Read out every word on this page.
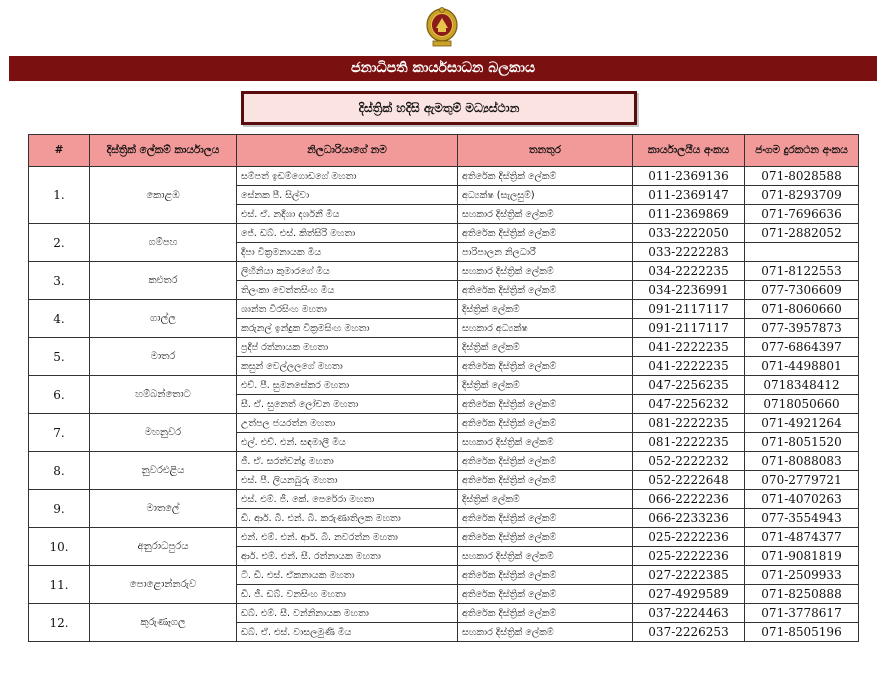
ජනාධිපති කාර්යසාධන බලකාය
දිස්ත්‍රික් හදිසි ඇමතුම් මධ්‍යස්ථාන
#	දිස්ත්‍රික් ලේකම් කාර්යාලය	නිලධාරියාගේ නම	තනතුර	කාර්යාලයීය අංකය	ජංගම දුරකථන අංකය
1.	කොළඹ	සම්පත් ඉඩම්ගොඩගේ මහතා	අතිරේක දිස්ත්‍රික් ලේකම්	011-2369136	071-8028588
		සේනක පී. සිල්වා	අධ්‍යක්ෂ (සැලසුම්)	011-2369147	071-8293709
		එස්. ඒ. නදීශා දර්ශනී මිය	සහකාර දිස්ත්‍රික් ලේකම්	011-2369869	071-7696636
2.	ගම්පහ	ජේ. ඩබ්. එස්. කිත්සිරි මහතා	අතිරේක දිස්ත්‍රික් ලේකම්	033-2222050	071-2882052
		දීපා වික්‍රමනායක මිය	පාරිපාලන නිලධාරී	033-2222283	
3.	කළුතර	ලිහිනියා කුමාරගේ මිය	සහකාර දිස්ත්‍රික් ලේකම්	034-2222235	071-8122553
		තිලංකා වෙත්තසිංහ මිය	අතිරේක දිස්ත්‍රික් ලේකම්	034-2236991	077-7306609
4.	ගාල්ල	ශාන්ත වීරසිංහ මහතා	දිස්ත්‍රික් ලේකම්	091-2117117	071-8060660
		කරුනල් ඉන්දුක වික්‍රමසිංහ මහතා	සහකාර අධ්‍යක්ෂ	091-2117117	077-3957873
5.	මාතර	ප්‍රදීප් රත්නායක මහතා	දිස්ත්‍රික් ලේකම්	041-2222235	077-6864397
		කසුන් වෙල්ලලගේ මහතා	අතිරේක දිස්ත්‍රික් ලේකම්	041-2222235	071-4498801
6.	හම්බන්තොට	එච්. පී. සුමනසේකර මහතා	දිස්ත්‍රික් ලේකම්	047-2256235	0718348412
		සී. ඒ. සුනෙත් ලෝචන මහතා	අතිරේක දිස්ත්‍රික් ලේකම්	047-2256232	0718050660
7.	මහනුවර	උත්පල ජයරත්න මහතා	අතිරේක දිස්ත්‍රික් ලේකම්	081-2222235	071-4921264
		එල්. එච්. එන්. සඳමාලී මිය	සහකාර දිස්ත්‍රික් ලේකම්	081-2222235	071-8051520
8.	නුවරඑළිය	ජී. ඒ. සරත්චන්ද්‍ර මහතා	අතිරේක දිස්ත්‍රික් ලේකම්	052-2222232	071-8088083
		එස්. පී. ලියනබුරු මහතා	අතිරේක දිස්ත්‍රික් ලේකම්	052-2222648	070-2779721
9.	මාතලේ	එස්. එම්. ජී. කේ. පෙරේරා මහතා	දිස්ත්‍රික් ලේකම්	066-2222236	071-4070263
		ඩී. ආර්. බී. එන්. බී. කරුණාතිලක මහතා	අතිරේක දිස්ත්‍රික් ලේකම්	066-2233236	077-3554943
10.	අනුරාධපුරය	එන්. එම්. එන්. ආර්. බී. නවරත්න මහතා	අතිරේක දිස්ත්‍රික් ලේකම්	025-2222236	071-4874377
		ආර්. එම්. එන්. සී. රත්නායක මහතා	සහකාර දිස්ත්‍රික් ලේකම්	025-2222236	071-9081819
11.	පොළොන්නරුව	ටී. ඩී. එස්. ඒකනායක මහතා	අතිරේක දිස්ත්‍රික් ලේකම්	027-2222385	071-2509933
		ඩී. ජී. ඩබ්. වනසිංහ මහතා	අතිරේක දිස්ත්‍රික් ලේකම්	027-4929589	071-8250888
12.	කුරුණෑගල	ඩබ්. එම්. සී. වන්නිනායක මහතා	අතිරේක දිස්ත්‍රික් ලේකම්	037-2224463	071-3778617
		ඩබ්. ඒ. එස්. වාසලමුණි මිය	සහකාර දිස්ත්‍රික් ලේකම්	037-2226253	071-8505196
